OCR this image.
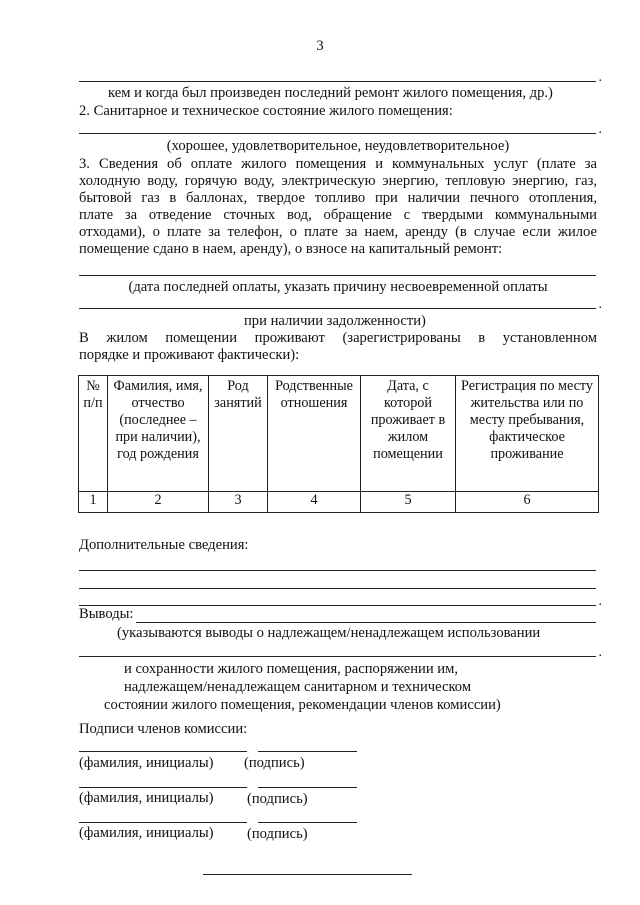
3
.
кем и когда был произведен последний ремонт жилого помещения, др.)
2. Санитарное и техническое состояние жилого помещения:
.
(хорошее, удовлетворительное, неудовлетворительное)
3. Сведения об оплате жилого помещения и коммунальных услуг (плате за
холодную воду, горячую воду, электрическую энергию, тепловую энергию, газ,
бытовой газ в баллонах, твердое топливо при наличии печного отопления,
плате за отведение сточных вод, обращение с твердыми коммунальными
отходами), о плате за телефон, о плате за наем, аренду (в случае если жилое
помещение сдано в наем, аренду), о взносе на капитальный ремонт:
(дата последней оплаты, указать причину несвоевременной оплаты
.
при наличии задолженности)
В жилом помещении проживают (зарегистрированы в установленном
порядке и проживают фактически):
№ п/п	Фамилия, имя, отчество (последнее – при наличии), год рождения	Род занятий	Родственные отношения	Дата, с которой проживает в жилом помещении	Регистрация по месту жительства или по месту пребывания, фактическое проживание
1	2	3	4	5	6
Дополнительные сведения:
.
Выводы:
(указываются выводы о надлежащем/ненадлежащем использовании
.
и сохранности жилого помещения, распоряжении им,
надлежащем/ненадлежащем санитарном и техническом
состоянии жилого помещения, рекомендации членов комиссии)
Подписи членов комиссии:
(фамилия, инициалы) (подпись)
(фамилия, инициалы) (подпись)
(фамилия, инициалы) (подпись)
